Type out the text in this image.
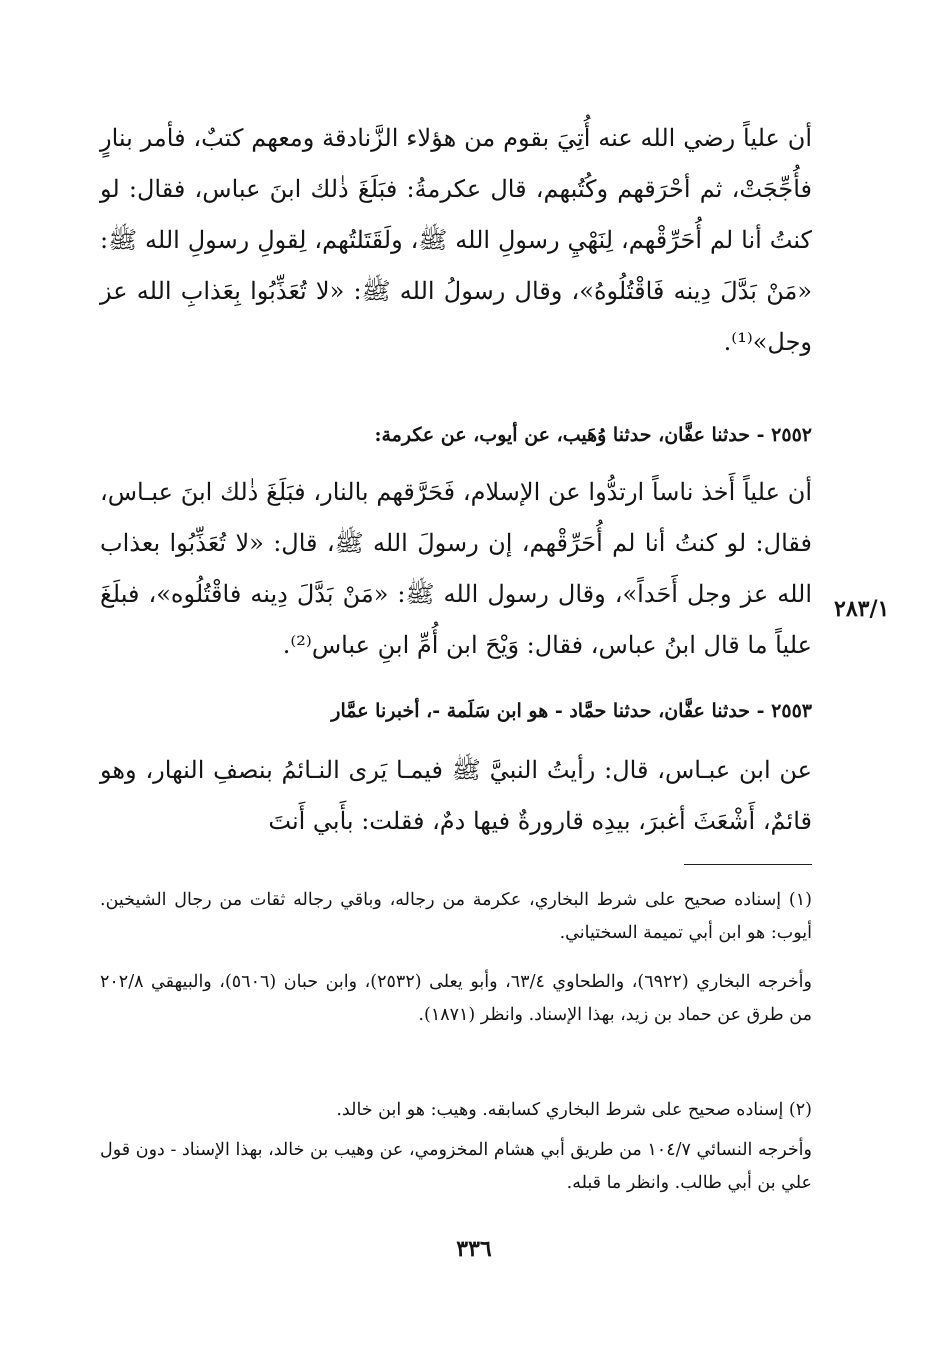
أن علياً رضي الله عنه أُتِيَ بقوم من هؤلاء الزَّنادقة ومعهم كتبٌ، فأمر بنارٍ فأُجِّجَتْ، ثم أحْرَقهم وكُتُبهم، قال عكرمةُ: فبَلَغَ ذٰلك ابنَ عباس، فقال: لو كنتُ أنا لم أُحَرِّقْهم، لِنَهْيِ رسولِ الله ﷺ، ولَقَتَلتُهم، لِقولِ رسولِ الله ﷺ: «مَنْ بَدَّلَ دِينه فَاقْتُلُوهُ»، وقال رسولُ الله ﷺ: «لا تُعَذِّبُوا بِعَذابِ الله عز وجل»⁽¹⁾.

٢٥٥٢ - حدثنا عفَّان، حدثنا وُهَيب، عن أيوب، عن عكرمة:

أن علياً أَخذ ناساً ارتدُّوا عن الإسلام، فَحَرَّقهم بالنار، فبَلَغَ ذٰلك ابنَ عبـاس، فقال: لو كنتُ أنا لم أُحَرِّقْهم، إن رسولَ الله ﷺ، قال: «لا تُعَذِّبُوا بعذاب الله عز وجل أَحَداً»، وقال رسول الله ﷺ: «مَنْ بَدَّلَ دِينه فاقْتُلُوه»، فبلَغَ علياً ما قال ابنُ عباس، فقال: وَيْحَ ابن أُمِّ ابنِ عباس⁽²⁾.

٢٨٣/١
٢٥٥٣ - حدثنا عفَّان، حدثنا حمَّاد - هو ابن سَلَمة -، أخبرنا عمَّار

عن ابن عبـاس، قال: رأيتُ النبيَّ ﷺ فيمـا يَرى النـائمُ بنصفِ النهار، وهو قائمٌ، أَشْعَثَ أغبرَ، بيدِه قارورةٌ فيها دمٌ، فقلت: بأَبي أَنتَ

(١) إسناده صحيح على شرط البخاري، عكرمة من رجاله، وباقي رجاله ثقات من رجال الشيخين. أيوب: هو ابن أبي تميمة السختياني.

وأخرجه البخاري (٦٩٢٢)، والطحاوي ٦٣/٤، وأبو يعلى (٢٥٣٢)، وابن حبان (٥٦٠٦)، والبيهقي ٢٠٢/٨ من طرق عن حماد بن زيد، بهذا الإسناد. وانظر (١٨٧١).

(٢) إسناده صحيح على شرط البخاري كسابقه. وهيب: هو ابن خالد.

وأخرجه النسائي ١٠٤/٧ من طريق أبي هشام المخزومي، عن وهيب بن خالد، بهذا الإسناد - دون قول علي بن أبي طالب. وانظر ما قبله.

٣٣٦
